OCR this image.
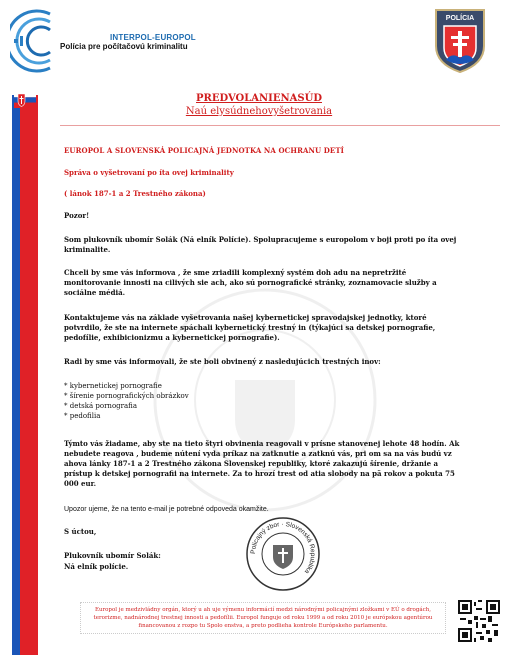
INTERPOL-EUROPOL
Polícia pre počítačovú kriminalitu
POLÍCIA
PREDVOLANIENASÚD
Naú elysúdnehovyšetrovania
EUROPOL A SLOVENSKÁ POLICAJNÁ JEDNOTKA NA OCHRANU DETÍ
Správa o vyšetrovaní po íta ovej kriminality
( lánok 187-1 a 2 Trestného zákona)
Pozor!
Som plukovník ubomír Solák (Ná elník Polície). Spolupracujeme s europolom v boji proti po íta ovej kriminalite.
Chceli by sme vás informova , že sme zriadili komplexný systém doh adu na nepretržité monitorovanie innosti na cilivých sie ach, ako sú pornografické stránky, zoznamovacie služby a sociálne médiá.
Kontaktujeme vás na základe vyšetrovania našej kybernetickej spravodajskej jednotky, ktoré potvrdilo, že ste na internete spáchali kybernetický trestný in (týkajúci sa detskej pornografie, pedofílie, exhibicionizmu a kybernetickej pornografie).
Radi by sme vás informovali, že ste boli obvinený z nasledujúcich trestných inov:
* kybernetickej pornografie
* šírenie pornografických obrázkov
* detská pornografia
* pedofilia
Týmto vás žiadame, aby ste na tieto štyri obvinenia reagovali v prísne stanovenej lehote 48 hodín. Ak nebudete reagova , budeme nútení vyda príkaz na zatknutie a zatknú vás, pri om sa na vás budú vz ahova lánky 187-1 a 2 Trestného zákona Slovenskej republiky, ktoré zakazujú šírenie, držanie a prístup k detskej pornografii na internete. Za to hrozí trest od atia slobody na pä rokov a pokuta 75 000 eur.
Upozor ujeme, že na tento e-mail je potrebné odpoveda okamžite.
S úctou,
Plukovník ubomír Solák:
Ná elník polície.
Policajný zbor · Slovenská Republika
Europol je medzivládny orgán, ktorý u ah uje výmenu informácií medzi národnými policajnými zložkami v EÚ o drogách, terorizme, nadnárodnej trestnej innosti a pedofílii. Europol funguje od roku 1999 a od roku 2010 je európskou agentúrou financovanou z rozpo tu Spolo enstva, a preto podlieha kontrole Európskeho parlamentu.
